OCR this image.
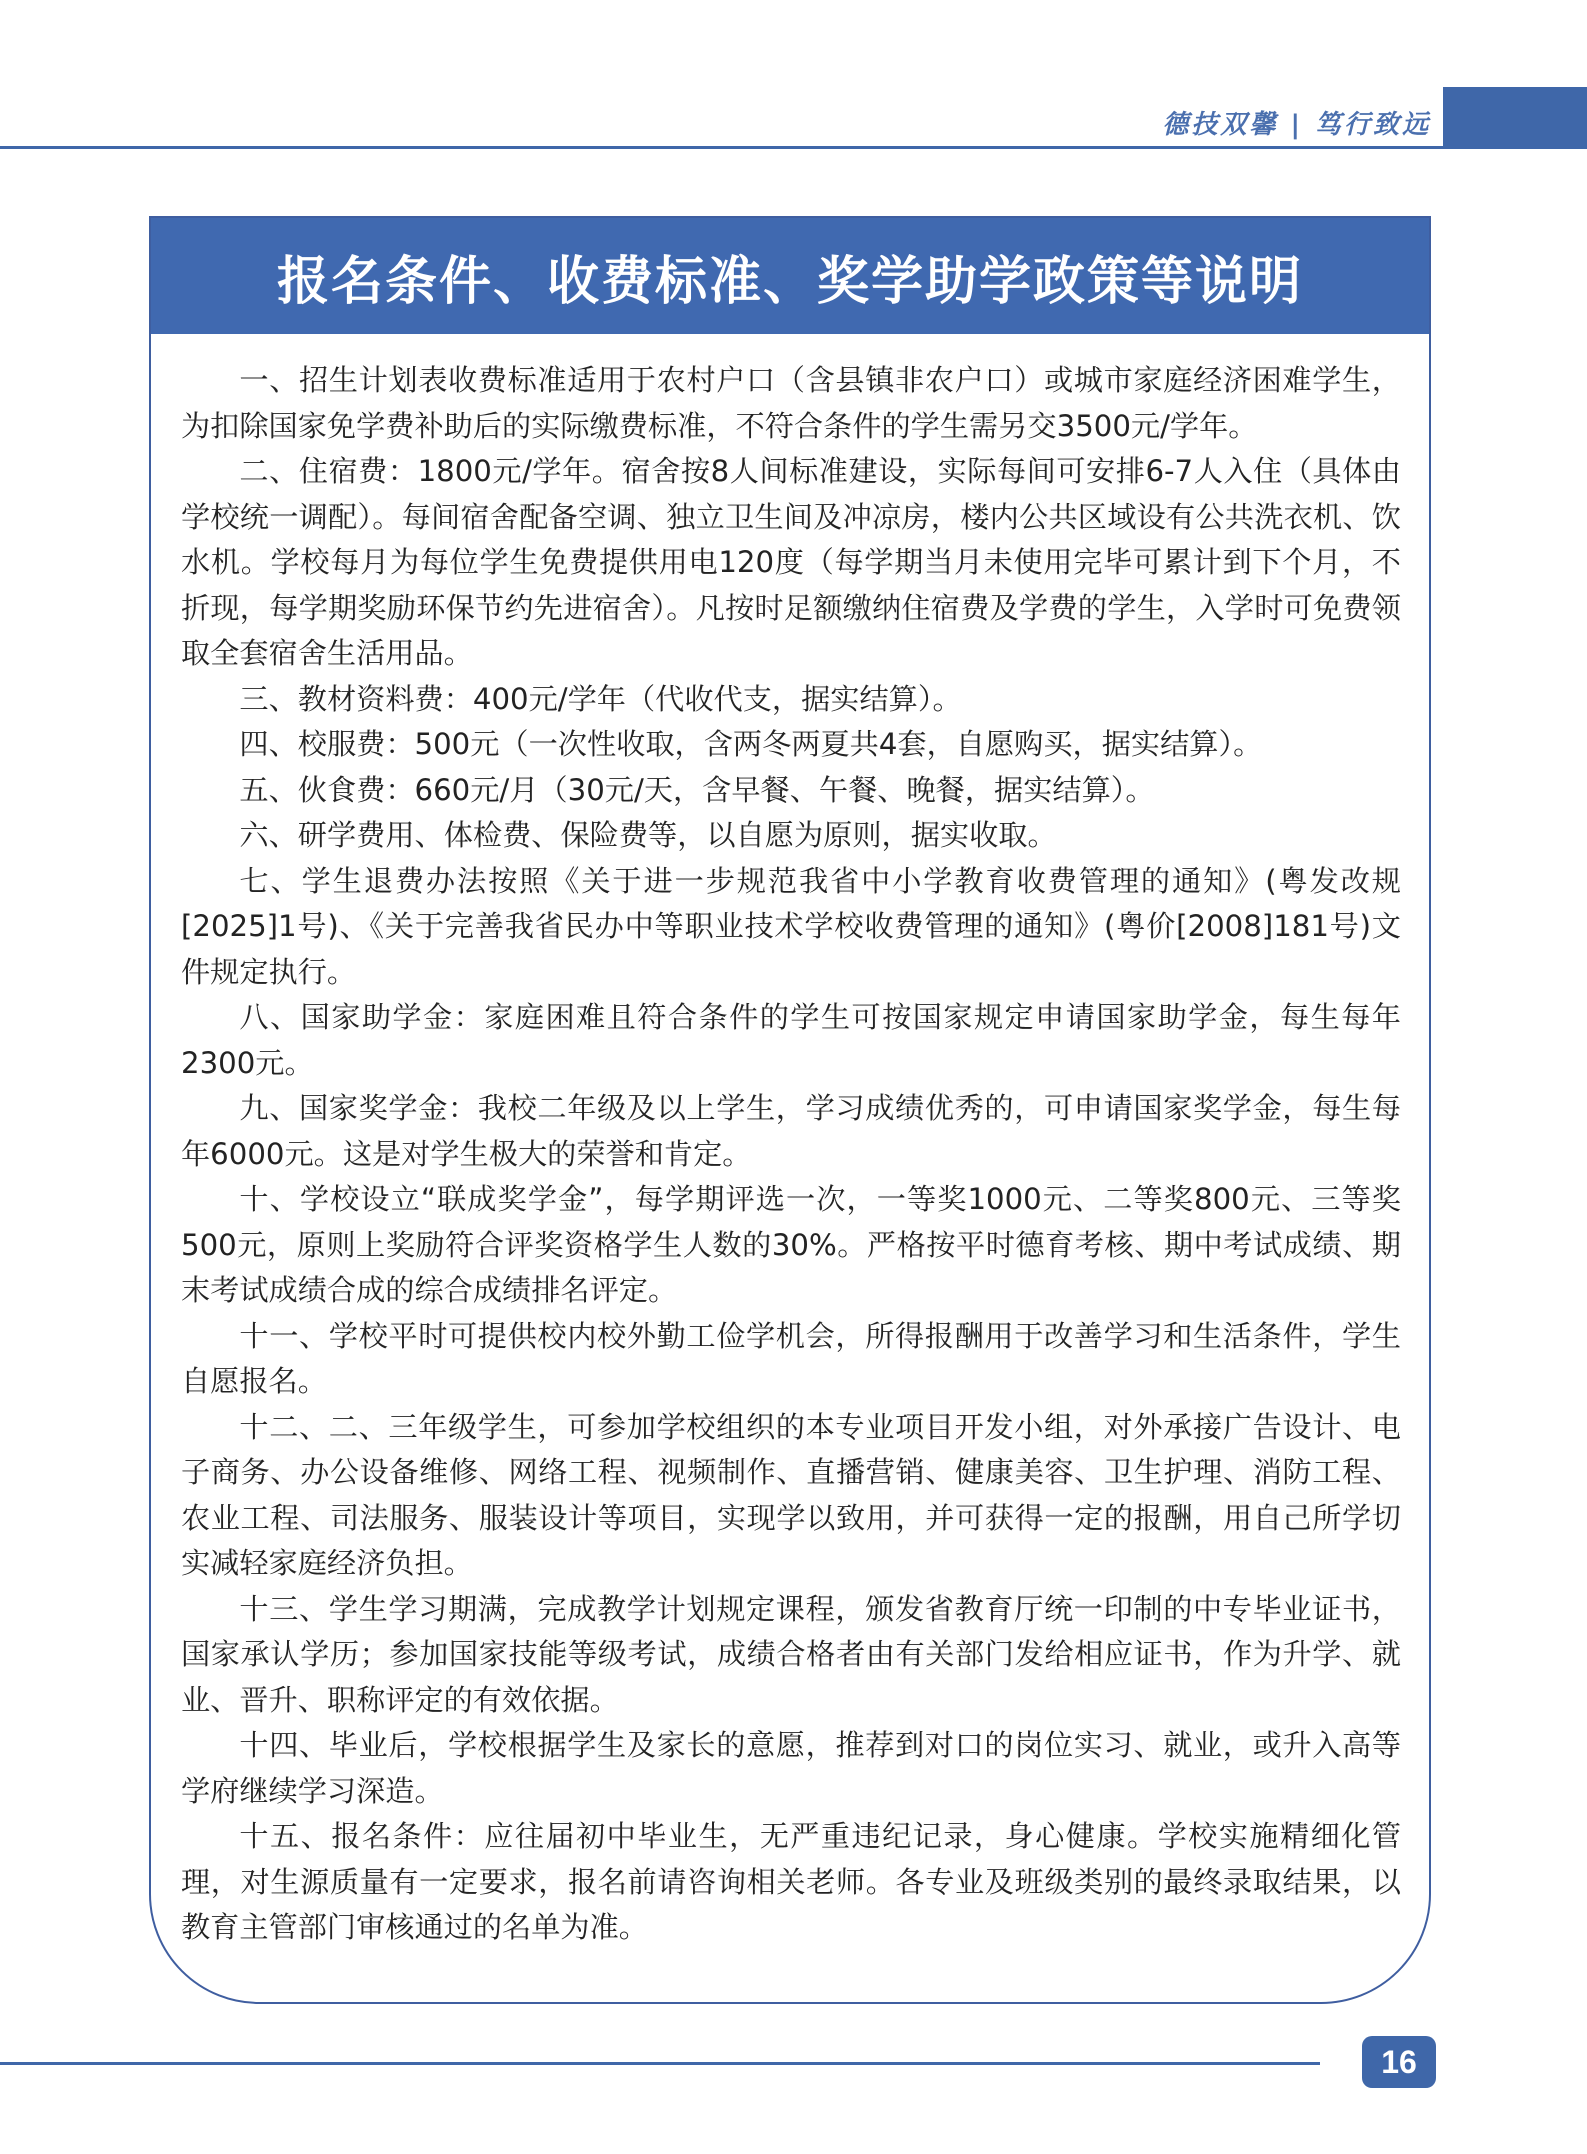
德技双馨 | 笃行致远
报名条件、收费标准、奖学助学政策等说明

一、招生计划表收费标准适用于农村户口（含县镇非农户口）或城市家庭经济困难学生，为扣除国家免学费补助后的实际缴费标准，不符合条件的学生需另交3500元/学年。

二、住宿费：1800元/学年。宿舍按8人间标准建设，实际每间可安排6-7人入住（具体由学校统一调配）。每间宿舍配备空调、独立卫生间及冲凉房，楼内公共区域设有公共洗衣机、饮水机。学校每月为每位学生免费提供用电120度（每学期当月未使用完毕可累计到下个月，不折现，每学期奖励环保节约先进宿舍）。凡按时足额缴纳住宿费及学费的学生，入学时可免费领取全套宿舍生活用品。

三、教材资料费：400元/学年（代收代支，据实结算）。

四、校服费：500元（一次性收取，含两冬两夏共4套，自愿购买，据实结算）。

五、伙食费：660元/月（30元/天，含早餐、午餐、晚餐，据实结算）。

六、研学费用、体检费、保险费等，以自愿为原则，据实收取。

七、学生退费办法按照《关于进一步规范我省中小学教育收费管理的通知》(粤发改规[2025]1号)、《关于完善我省民办中等职业技术学校收费管理的通知》(粤价[2008]181号)文件规定执行。

八、国家助学金：家庭困难且符合条件的学生可按国家规定申请国家助学金，每生每年2300元。

九、国家奖学金：我校二年级及以上学生，学习成绩优秀的，可申请国家奖学金，每生每年6000元。这是对学生极大的荣誉和肯定。

十、学校设立“联成奖学金”，每学期评选一次，一等奖1000元、二等奖800元、三等奖500元，原则上奖励符合评奖资格学生人数的30%。严格按平时德育考核、期中考试成绩、期末考试成绩合成的综合成绩排名评定。

十一、学校平时可提供校内校外勤工俭学机会，所得报酬用于改善学习和生活条件，学生自愿报名。

十二、二、三年级学生，可参加学校组织的本专业项目开发小组，对外承接广告设计、电子商务、办公设备维修、网络工程、视频制作、直播营销、健康美容、卫生护理、消防工程、农业工程、司法服务、服装设计等项目，实现学以致用，并可获得一定的报酬，用自己所学切实减轻家庭经济负担。

十三、学生学习期满，完成教学计划规定课程，颁发省教育厅统一印制的中专毕业证书，国家承认学历；参加国家技能等级考试，成绩合格者由有关部门发给相应证书，作为升学、就业、晋升、职称评定的有效依据。

十四、毕业后，学校根据学生及家长的意愿，推荐到对口的岗位实习、就业，或升入高等学府继续学习深造。

十五、报名条件：应往届初中毕业生，无严重违纪记录，身心健康。学校实施精细化管理，对生源质量有一定要求，报名前请咨询相关老师。各专业及班级类别的最终录取结果，以教育主管部门审核通过的名单为准。

16
